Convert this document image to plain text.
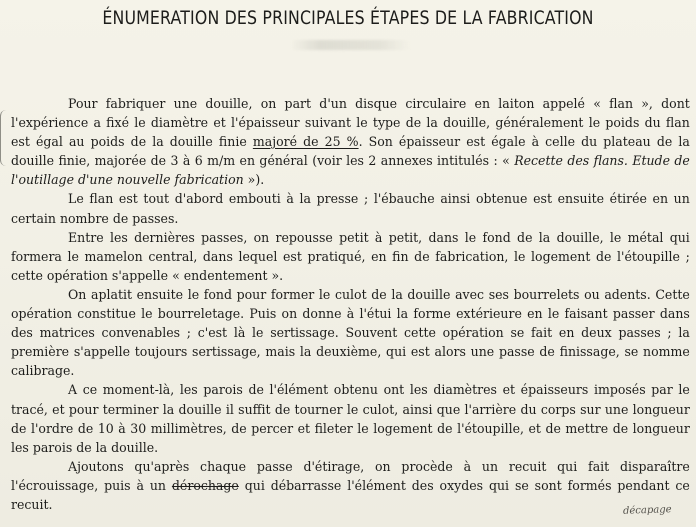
ÉNUMERATION DES PRINCIPALES ÉTAPES DE LA FABRICATION

Pour fabriquer une douille, on part d'un disque circulaire en laiton appelé « flan », dont l'expérience a fixé le diamètre et l'épaisseur suivant le type de la douille, généralement le poids du flan est égal au poids de la douille finie majoré de 25 %. Son épaisseur est égale à celle du plateau de la douille finie, majorée de 3 à 6 m/m en général (voir les 2 annexes intitulés : « Recette des flans. Etude de l'outillage d'une nouvelle fabrication »).

Le flan est tout d'abord embouti à la presse ; l'ébauche ainsi obtenue est ensuite étirée en un certain nombre de passes.

Entre les dernières passes, on repousse petit à petit, dans le fond de la douille, le métal qui formera le mamelon central, dans lequel est pratiqué, en fin de fabrication, le logement de l'étoupille ; cette opération s'appelle « endentement ».

On aplatit ensuite le fond pour former le culot de la douille avec ses bourrelets ou adents. Cette opération constitue le bourreletage. Puis on donne à l'étui la forme extérieure en le faisant passer dans des matrices convenables ; c'est là le sertissage. Souvent cette opération se fait en deux passes ; la première s'appelle toujours sertissage, mais la deuxième, qui est alors une passe de finissage, se nomme calibrage.

A ce moment-là, les parois de l'élément obtenu ont les diamètres et épaisseurs imposés par le tracé, et pour terminer la douille il suffit de tourner le culot, ainsi que l'arrière du corps sur une longueur de l'ordre de 10 à 30 millimètres, de percer et fileter le logement de l'étoupille, et de mettre de longueur les parois de la douille.

Ajoutons qu'après chaque passe d'étirage, on procède à un recuit qui fait disparaître l'écrouissage, puis à un dérochage qui débarrasse l'élément des oxydes qui se sont formés pendant ce recuit.	décapage
